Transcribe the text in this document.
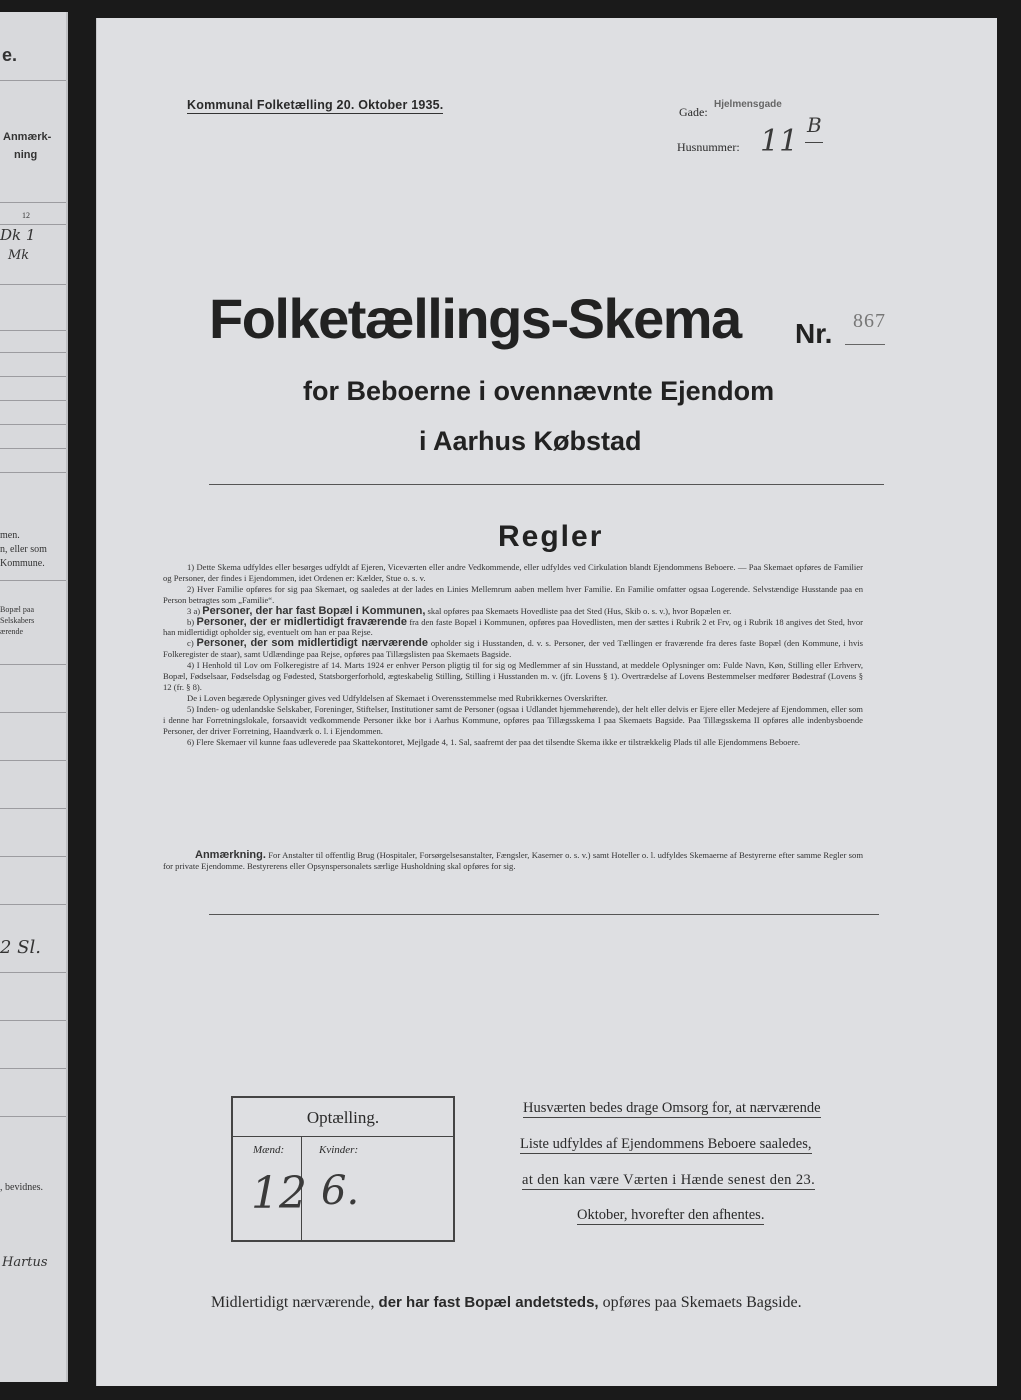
e.
Anmærk-
ning
12
Dk 1
Mk
men.
n, eller som
Kommune.
Bopæl paa
Selskabers
ærende
2 Sl.
, bevidnes.
Hartus
Kommunal Folketælling 20. Oktober 1935.	Gade:
Hjelmensgade
Husnummer: 11 B
Folketællings-Skema Nr. 867
for Beboerne i ovennævnte Ejendom
i Aarhus Købstad
Regler

1) Dette Skema udfyldes eller besørges udfyldt af Ejeren, Viceværten eller andre Vedkommende, eller udfyldes ved Cirkulation blandt Ejendommens Beboere. — Paa Skemaet opføres de Familier og Personer, der findes i Ejendommen, idet Ordenen er: Kælder, Stue o. s. v.

2) Hver Familie opføres for sig paa Skemaet, og saaledes at der lades en Linies Mellemrum aaben mellem hver Familie. En Familie omfatter ogsaa Logerende. Selvstændige Husstande paa en Person betragtes som „Familie“.

3 a) Personer, der har fast Bopæl i Kommunen, skal opføres paa Skemaets Hovedliste paa det Sted (Hus, Skib o. s. v.), hvor Bopælen er.

b) Personer, der er midlertidigt fraværende fra den faste Bopæl i Kommunen, opføres paa Hovedlisten, men der sættes i Rubrik 2 et Frv, og i Rubrik 18 angives det Sted, hvor han midlertidigt opholder sig, eventuelt om han er paa Rejse.

c) Personer, der som midlertidigt nærværende opholder sig i Husstanden, d. v. s. Personer, der ved Tællingen er fraværende fra deres faste Bopæl (den Kommune, i hvis Folkeregister de staar), samt Udlændinge paa Rejse, opføres paa Tillægslisten paa Skemaets Bagside.

4) I Henhold til Lov om Folkeregistre af 14. Marts 1924 er enhver Person pligtig til for sig og Medlemmer af sin Husstand, at meddele Oplysninger om: Fulde Navn, Køn, Stilling eller Erhverv, Bopæl, Fødselsaar, Fødselsdag og Fødested, Statsborgerforhold, ægteskabelig Stilling, Stilling i Husstanden m. v. (jfr. Lovens § 1). Overtrædelse af Lovens Bestemmelser medfører Bødestraf (Lovens § 12 (fr. § 8).

De i Loven begærede Oplysninger gives ved Udfyldelsen af Skemaet i Overensstemmelse med Rubrikkernes Overskrifter.

5) Inden- og udenlandske Selskaber, Foreninger, Stiftelser, Institutioner samt de Personer (ogsaa i Udlandet hjemmehørende), der helt eller delvis er Ejere eller Medejere af Ejendommen, eller som i denne har Forretningslokale, forsaavidt vedkommende Personer ikke bor i Aarhus Kommune, opføres paa Tillægsskema I paa Skemaets Bagside. Paa Tillægsskema II opføres alle indenbysboende Personer, der driver Forretning, Haandværk o. l. i Ejendommen.

6) Flere Skemaer vil kunne faas udleverede paa Skattekontoret, Mejlgade 4, 1. Sal, saafremt der paa det tilsendte Skema ikke er tilstrækkelig Plads til alle Ejendommens Beboere.

Anmærkning. For Anstalter til offentlig Brug (Hospitaler, Forsørgelsesanstalter, Fængsler, Kaserner o. s. v.) samt Hoteller o. l. udfyldes Skemaerne af Bestyrerne efter samme Regler som for private Ejendomme. Bestyrerens eller Opsynspersonalets særlige Husholdning skal opføres for sig.

Optælling.
Mænd:	Kvinder:
12 6.
Husværten bedes drage Omsorg for, at nærværende
Liste udfyldes af Ejendommens Beboere saaledes,
at den kan være Værten i Hænde senest den 23.
Oktober, hvorefter den afhentes.
Midlertidigt nærværende, der har fast Bopæl andetsteds, opføres paa Skemaets Bagside.
